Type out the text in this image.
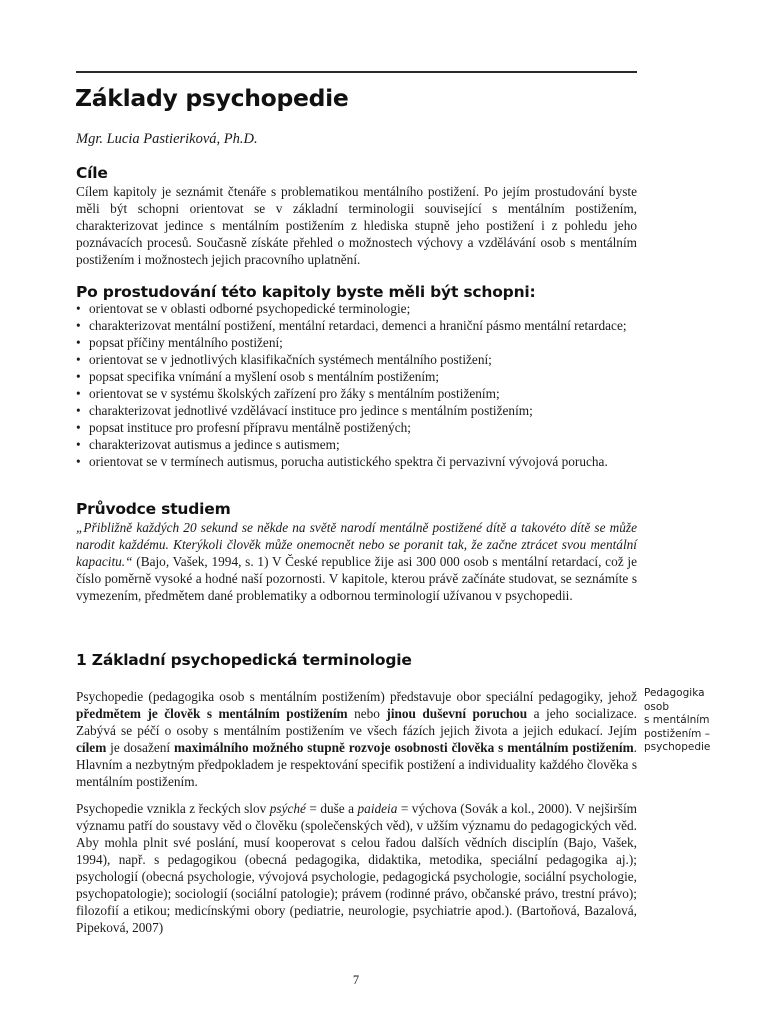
Základy psychopedie
Mgr. Lucia Pastieriková, Ph.D.
Cíle

Cílem kapitoly je seznámit čtenáře s problematikou mentálního postižení. Po jejím prostudování byste měli být schopni orientovat se v základní terminologii související s mentálním postižením, charakterizovat jedince s mentálním postižením z hlediska stupně jeho postižení i z pohledu jeho poznávacích procesů. Současně získáte přehled o možnostech výchovy a vzdělávání osob s mentálním postižením i možnostech jejich pracovního uplatnění.

Po prostudování této kapitoly byste měli být schopni:
• orientovat se v oblasti odborné psychopedické terminologie;
• charakterizovat mentální postižení, mentální retardaci, demenci a hraniční pásmo mentální retardace;
• popsat příčiny mentálního postižení;
• orientovat se v jednotlivých klasifikačních systémech mentálního postižení;
• popsat specifika vnímání a myšlení osob s mentálním postižením;
• orientovat se v systému školských zařízení pro žáky s mentálním postižením;
• charakterizovat jednotlivé vzdělávací instituce pro jedince s mentálním postižením;
• popsat instituce pro profesní přípravu mentálně postižených;
• charakterizovat autismus a jedince s autismem;
• orientovat se v termínech autismus, porucha autistického spektra či pervazivní vývojová porucha.
Průvodce studiem

„Přibližně každých 20 sekund se někde na světě narodí mentálně postižené dítě a takovéto dítě se může narodit každému. Kterýkoli člověk může onemocnět nebo se poranit tak, že začne ztrácet svou mentální kapacitu.“ (Bajo, Vašek, 1994, s. 1) V České republice žije asi 300 000 osob s mentální retardací, což je číslo poměrně vysoké a hodné naší pozornosti. V kapitole, kterou právě začínáte studovat, se seznámíte s vymezením, předmětem dané problematiky a odbornou terminologií užívanou v psychopedii.

1 Základní psychopedická terminologie

Psychopedie (pedagogika osob s mentálním postižením) představuje obor speciální pedagogiky, jehož předmětem je člověk s mentálním postižením nebo jinou duševní poruchou a jeho socializace. Zabývá se péčí o osoby s mentálním postižením ve všech fázích jejich života a jejich edukací. Jejím cílem je dosažení maximálního možného stupně rozvoje osobnosti člověka s mentálním postižením. Hlavním a nezbytným předpokladem je respektování specifik postižení a individuality každého člověka s mentálním postižením.

Pedagogika
osob
s mentálním
postižením –
psychopedie

Psychopedie vznikla z řeckých slov psýché = duše a paideia = výchova (Sovák a kol., 2000). V nejširším významu patří do soustavy věd o člověku (společenských věd), v užším významu do pedagogických věd. Aby mohla plnit své poslání, musí kooperovat s celou řadou dalších vědních disciplín (Bajo, Vašek, 1994), např. s pedagogikou (obecná pedagogika, didaktika, metodika, speciální pedagogika aj.); psychologií (obecná psychologie, vývojová psychologie, pedagogická psychologie, sociální psychologie, psychopatologie); sociologií (sociální patologie); právem (rodinné právo, občanské právo, trestní právo); filozofií a etikou; medicínskými obory (pediatrie, neurologie, psychiatrie apod.). (Bartoňová, Bazalová, Pipeková, 2007)

7
